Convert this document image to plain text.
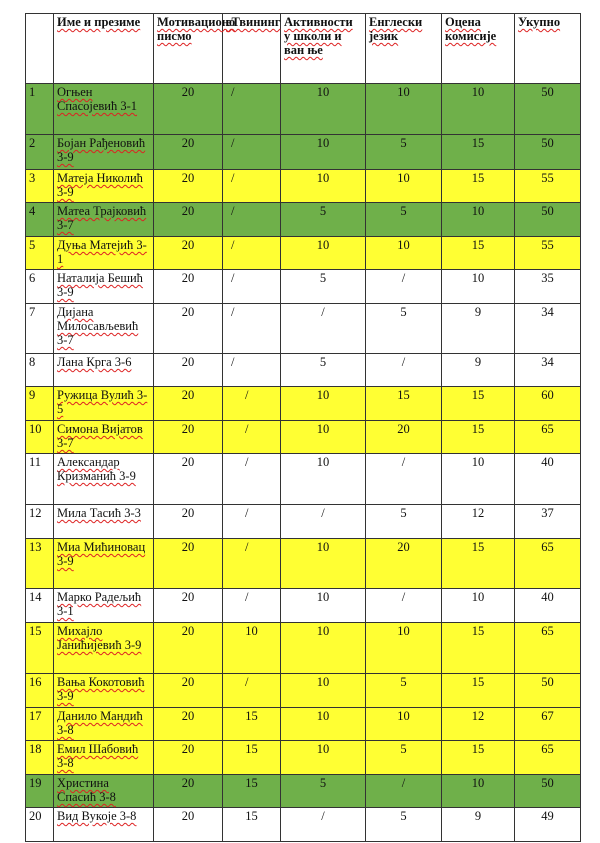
	Име и презиме	Мотивационо писмо	еТвининг	Активности у школи и ван ње	Енглески језик	Оцена комисије	Укупно
1	Огњен Спасојевић 3-1	20	/	10	10	10	50
2	Бојан Рађеновић 3-9	20	/	10	5	15	50
3	Матеја Николић 3-9	20	/	10	10	15	55
4	Матеа Трајковић 3-7	20	/	5	5	10	50
5	Дуња Матејић 3-1	20	/	10	10	15	55
6	Наталија Бешић 3-9	20	/	5	/	10	35
7	Дијана Милосављевић 3-7	20	/	/	5	9	34
8	Лана Крга 3-6	20	/	5	/	9	34
9	Ружица Вулић 3-5	20	/	10	15	15	60
10	Симона Вијатов 3-7	20	/	10	20	15	65
11	Александар Кризманић 3-9	20	/	10	/	10	40
12	Мила Тасић 3-3	20	/	/	5	12	37
13	Миа Мићиновац 3-9	20	/	10	20	15	65
14	Марко Радељић 3-1	20	/	10	/	10	40
15	Михајло Јанићијевић 3-9	20	10	10	10	15	65
16	Вања Кокотовић 3-9	20	/	10	5	15	50
17	Данило Мандић 3-8	20	15	10	10	12	67
18	Емил Шабовић 3-8	20	15	10	5	15	65
19	Христина Спасић 3-8	20	15	5	/	10	50
20	Вид Вукоје 3-8	20	15	/	5	9	49
